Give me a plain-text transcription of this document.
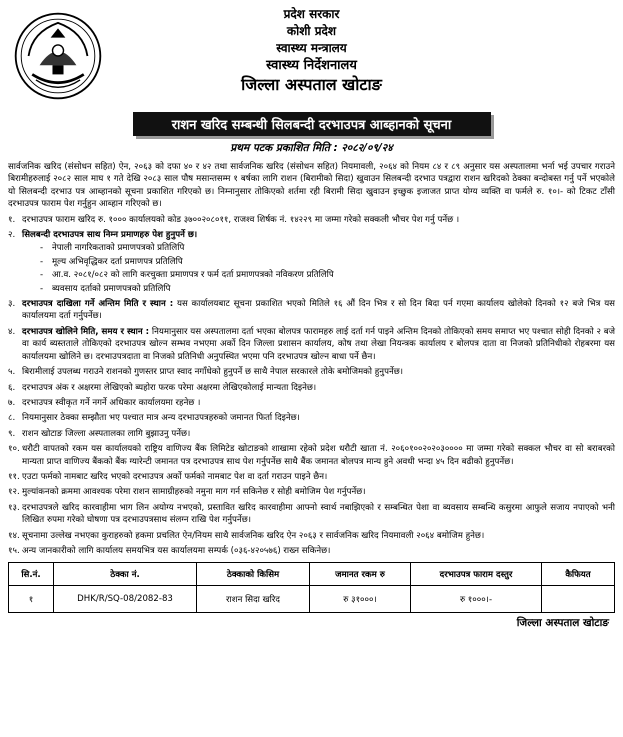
प्रदेश सरकार
कोशी प्रदेश
स्वास्थ्य मन्त्रालय
स्वास्थ्य निर्देशनालय
जिल्ला अस्पताल खोटाङ
राशन खरिद सम्बन्धी सिलबन्दी दरभाउपत्र आब्हानको सूचना
प्रथम पटक प्रकाशित मिति : २०८२/०९/२४

सार्वजनिक खरिद (संसोधन सहित) ऐन, २०६३ को दफा ४० र ४२ तथा सार्वजनिक खरिद (संसोधन सहित) नियमावली, २०६४ को नियम ८४ र ८९ अनुसार यस अस्पतालमा भर्ना भई उपचार गराउने बिरामीहरुलाई २०८२ साल माघ १ गते देखि २०८३ साल पौष मसान्तसम्म १ बर्षका लागि राशन (बिरामीको सिदा) खुवाउन सिलबन्दी दरभाउ पत्रद्वारा राशन खरिदको ठेक्का बन्दोबस्त गर्नु पर्ने भएकोले यो सिलबन्दी दरभाउ पत्र आब्हानको सूचना प्रकाशित गरिएको छ। निम्नानुसार तोकिएको शर्तमा रही बिरामी सिदा खुवाउन इच्छुक इजाजत प्राप्त योग्य व्यक्ति वा फर्मले रु. १०।- को टिकट टाँसी दरभाउपत्र फाराम पेश गर्नुहुन आब्हान गरिएको छ।

१. दरभाउपत्र फाराम खरिद रु. १००० कार्यालयको कोड ३७००२०८०११, राजश्व शिर्षक नं. १४२२९ मा जम्मा गरेको सक्कली भौचर पेश गर्नु पर्नेछ ।
२. सिलबन्दी दरभाउपत्र साथ निम्न प्रमाणहरु पेश हुनुपर्ने छ।
-	नेपाली नागरिकताको प्रमाणपत्रको प्रतिलिपि
-	मूल्य अभिवृद्धिकर दर्ता प्रमाणपत्र प्रतिलिपि
-	आ.व. २०८१/०८२ को लागि करचुक्ता प्रमाणपत्र र फर्म दर्ता प्रमाणपत्रको नविकरण प्रतिलिपि
-	ब्यवसाय दर्ताको प्रमाणपत्रको प्रतिलिपि
३. दरभाउपत्र दाखिला गर्ने अन्तिम मिति र स्थान : यस कार्यालयबाट सूचना प्रकाशित भएको मितिले १६ औं दिन भित्र र सो दिन बिदा पर्न गएमा कार्यालय खोलेको दिनको १२ बजे भित्र यस कार्यालयमा दर्ता गर्नुपर्नेछ।
४. दरभाउपत्र खोलिने मिति, समय र स्थान : नियमानुसार यस अस्पतालमा दर्ता भएका बोलपत्र फारामहरु लाई दर्ता गर्न पाइने अन्तिम दिनको तोकिएको समय समाप्त भए पश्चात सोही दिनको २ बजे वा कार्य ब्यस्तताले तोकिएको दरभाउपत्र खोल्न सम्भव नभएमा अर्को दिन जिल्ला प्रशासन कार्यालय, कोष तथा लेखा नियन्त्रक कार्यालय र बोलपत्र दाता वा निजको प्रतिनिधीको रोहबरमा यस कार्यालयमा खोलिने छ। दरभाउपत्रदाता वा निजको प्रतिनिधी अनुपस्थित भएमा पनि दरभाउपत्र खोल्न बाधा पर्ने छैन।
५. बिरामीलाई उपलब्ध गराउने राशनको गुणस्तर प्राप्त स्वाद नगाँधेको हुनुपर्ने छ साथै नेपाल सरकारले तोके बमोजिमको हुनुपर्नेछ।
६. दरभाउपत्र अंक र अक्षरमा लेखिएको ब्यहोरा फरक परेमा अक्षरमा लेखिएकोलाई मान्यता दिइनेछ।
७. दरभाउपत्र स्वीकृत गर्ने नगर्ने अधिकार कार्यालयमा रहनेछ ।
८. नियमानुसार ठेक्का सम्झौता भए पश्चात मात्र अन्य दरभाउपत्रहरुको जमानत फिर्ता दिइनेछ।
९. राशन खोटाङ जिल्ला अस्पतालका लागि बुझाउनु पर्नेछ।
१०. धरौटी वापतको रकम यस कार्यालयको राष्ट्रिय वाणिज्य बैंक लिमिटेड खोटाङको शाखामा रहेको प्रदेश धरौटी खाता नं. २०६०१००२०२०३०००० मा जम्मा गरेको सक्कल भौचर वा सो बराबरको मान्यता प्राप्त वाणिज्य बैंकको बैंक ग्यारेन्टी जमानत पत्र दरभाउपत्र साथ पेश गर्नुपर्नेछ साथै बैंक जमानत बोलपत्र मान्य हुने अवधी भन्दा ४५ दिन बढीको हुनुपर्नेछ।
११. एउटा फर्मको नामबाट खरिद भएको दरभाउपत्र अर्को फर्मको नामबाट पेश वा दर्ता गराउन पाइने छैन।
१२. मुल्यांकनको क्रममा आवश्यक परेमा राशन सामाग्रीहरुको नमुना माग गर्न सकिनेछ र सोही बमोजिम पेश गर्नुपर्नेछ।
१३. दरभाउपत्रले खरिद कारवाहीमा भाग लिन अयोग्य नभएको, प्रस्तावित खरिद कारवाहीमा आफ्नो स्वार्थ नबाझिएको र सम्बन्धित पेशा वा ब्यवसाय सम्बन्धि कसुरमा आफुले सजाय नपाएको भनी लिखित रुपमा गरेको घोषणा पत्र दरभाउपत्रसाथ संलग्न राखि पेश गर्नुपर्नेछ।
१४. सूचनामा उल्लेख नभएका कुराहरुको हकमा प्रचलित ऐन/नियम साथै सार्वजनिक खरिद ऐन २०६३ र सार्वजनिक खरिद नियमावली २०६४ बमोजिम हुनेछ।
१५. अन्य जानकारीको लागि कार्यालय समयभित्र यस कार्यालयमा सम्पर्क (०३६-४२०५७६) राख्न सकिनेछ।
सि.नं.	ठेक्का नं.	ठेक्काको किसिम	जमानत रकम रु	दरभाउपत्र फाराम दस्तुर	कैफियत
१	DHK/R/SQ-08/2082-83	राशन सिदा खरिद	रु ३१०००।	रु १०००।-	
जिल्ला अस्पताल खोटाङ
